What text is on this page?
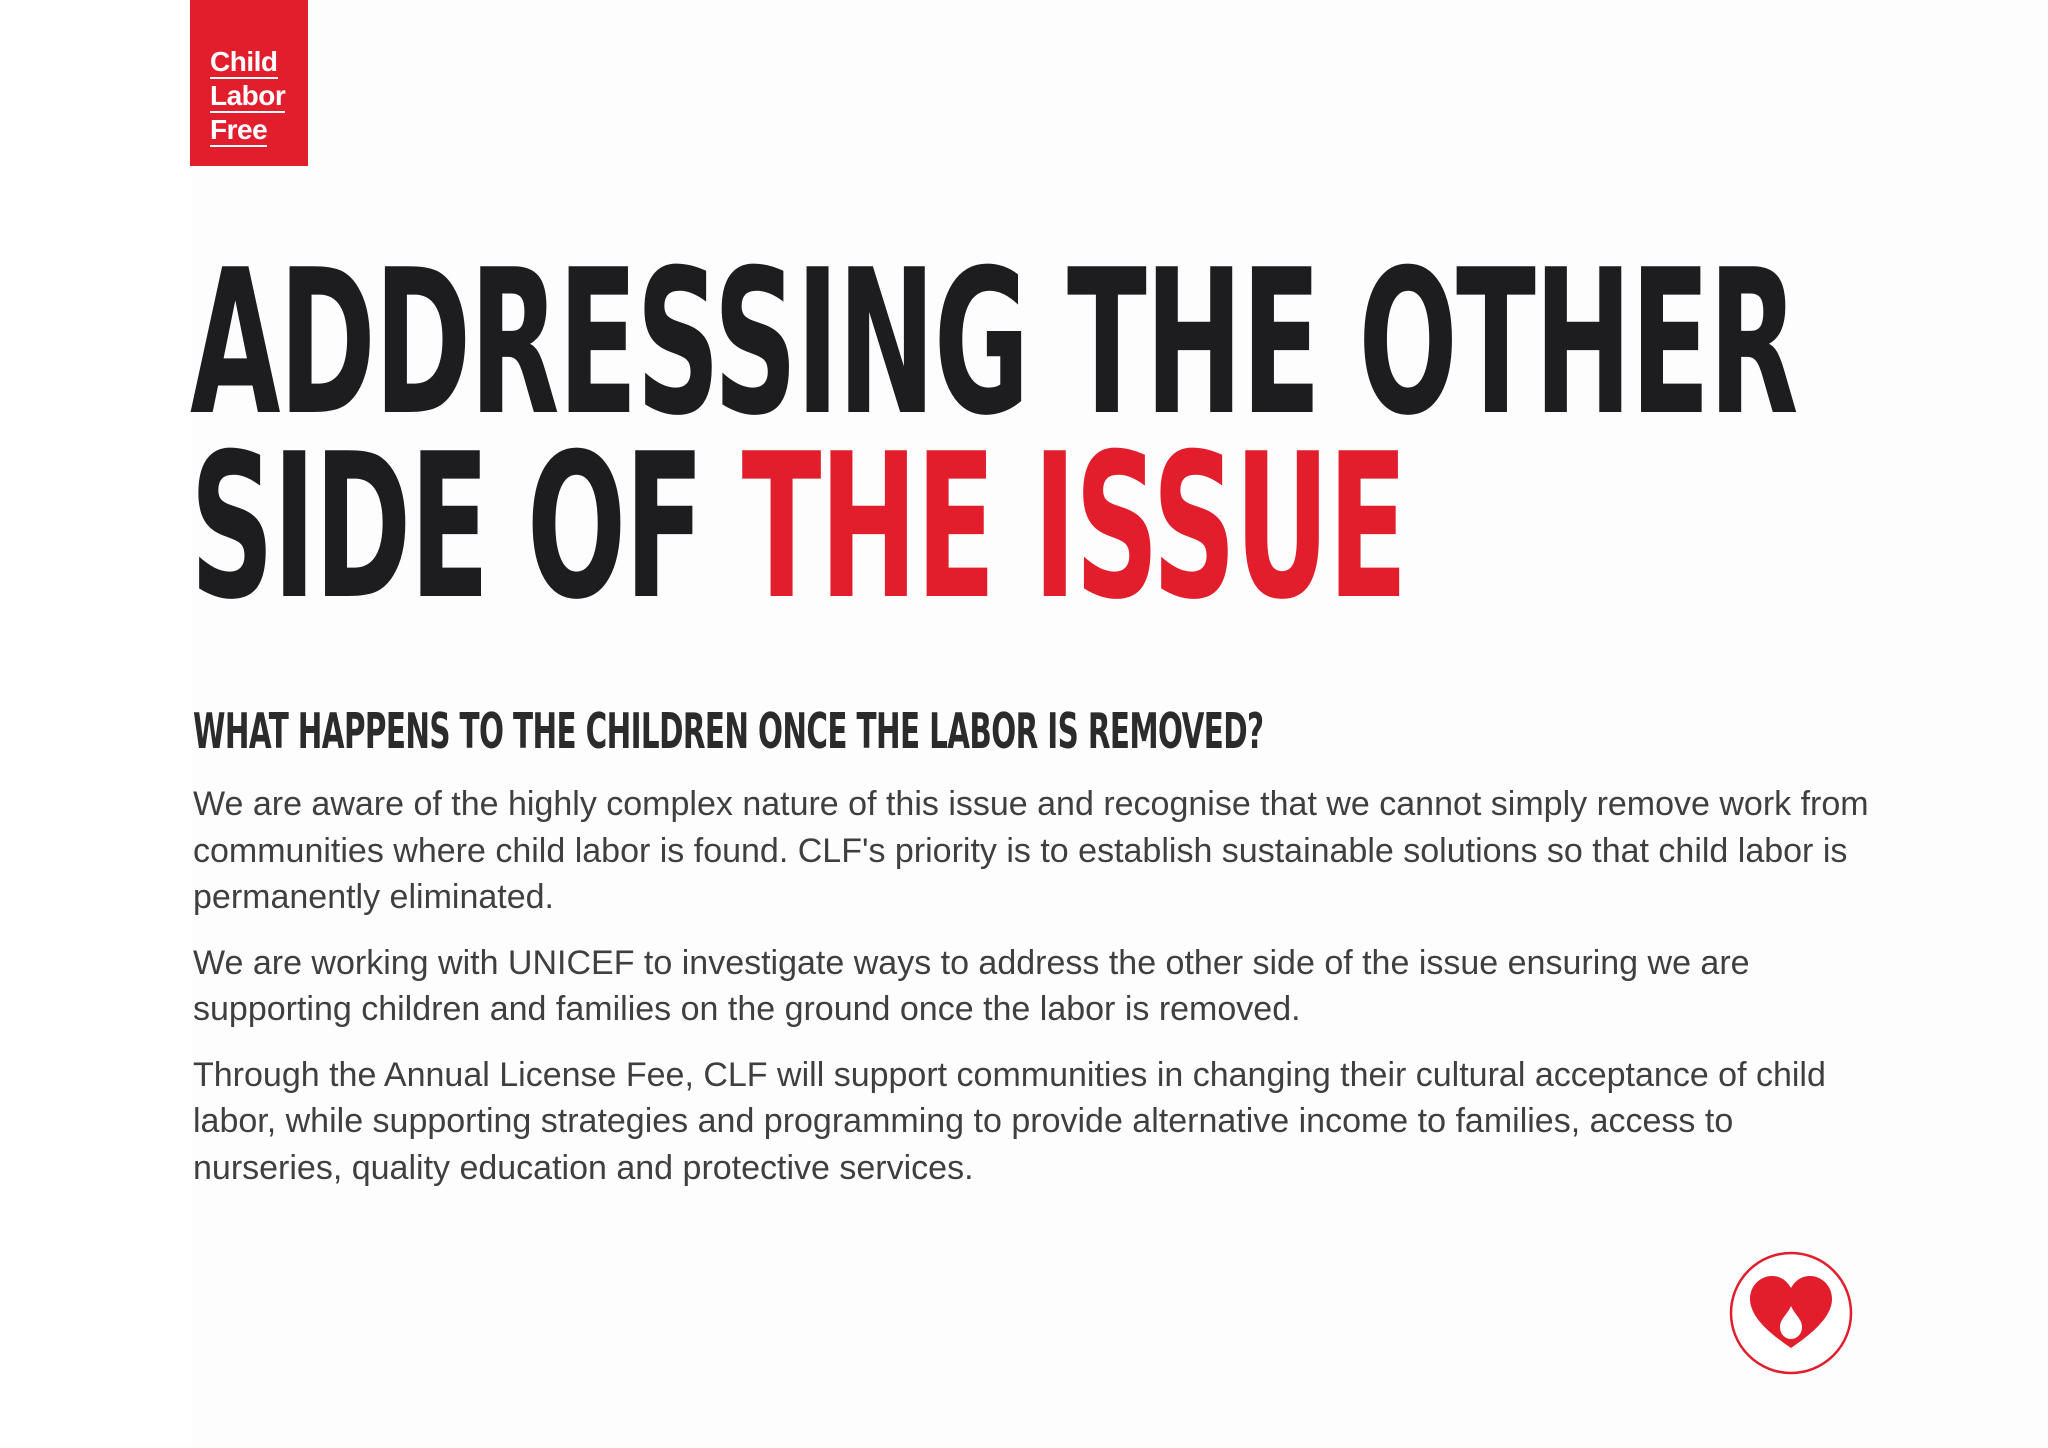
Child
Labor
Free
ADDRESSING THE OTHER
SIDE OF THE ISSUE
WHAT HAPPENS TO THE CHILDREN ONCE THE LABOR IS REMOVED?

We are aware of the highly complex nature of this issue and recognise that we cannot simply remove work from communities where child labor is found. CLF's priority is to establish sustainable solutions so that child labor is permanently eliminated.

We are working with UNICEF to investigate ways to address the other side of the issue ensuring we are supporting children and families on the ground once the labor is removed.

Through the Annual License Fee, CLF will support communities in changing their cultural acceptance of child labor, while supporting strategies and programming to provide alternative income to families, access to nurseries, quality education and protective services.
